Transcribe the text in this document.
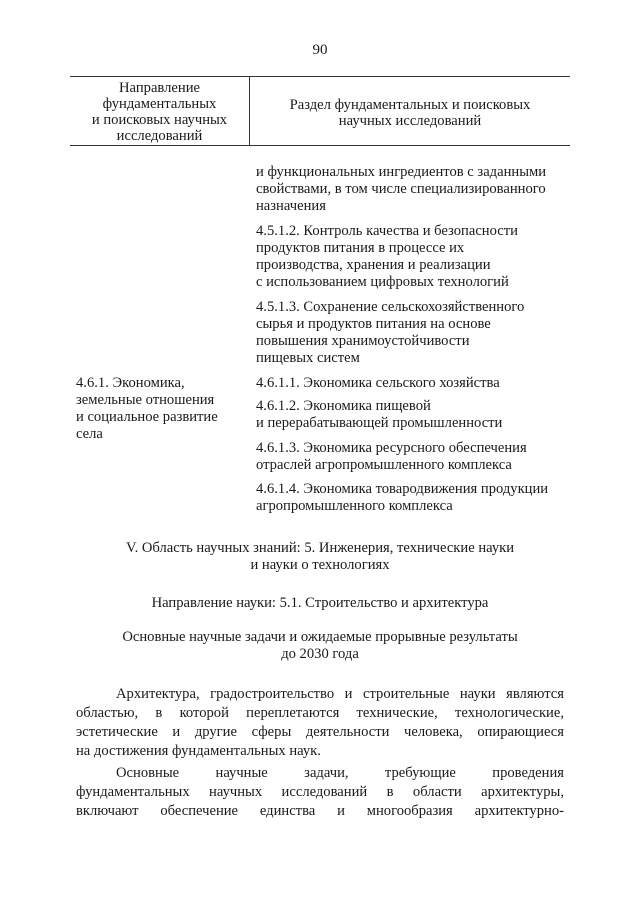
90
Направление
фундаментальных
и поисковых научных
исследований
Раздел фундаментальных и поисковых
научных исследований
и функциональных ингредиентов с заданными
свойствами, в том числе специализированного
назначения
4.5.1.2. Контроль качества и безопасности
продуктов питания в процессе их
производства, хранения и реализации
с использованием цифровых технологий
4.5.1.3. Сохранение сельскохозяйственного
сырья и продуктов питания на основе
повышения хранимоустойчивости
пищевых систем
4.6.1.1. Экономика сельского хозяйства
4.6.1.2. Экономика пищевой
и перерабатывающей промышленности
4.6.1.3. Экономика ресурсного обеспечения
отраслей агропромышленного комплекса
4.6.1.4. Экономика товародвижения продукции
агропромышленного комплекса
4.6.1. Экономика,
земельные отношения
и социальное развитие
села
V. Область научных знаний: 5. Инженерия, технические науки
и науки о технологиях
Направление науки: 5.1. Строительство и архитектура
Основные научные задачи и ожидаемые прорывные результаты
до 2030 года
Архитектура, градостроительство и строительные науки являются
областью, в которой переплетаются технические, технологические,
эстетические и другие сферы деятельности человека, опирающиеся
на достижения фундаментальных наук.
Основные научные задачи, требующие проведения
фундаментальных научных исследований в области архитектуры,
включают обеспечение единства и многообразия архитектурно-
